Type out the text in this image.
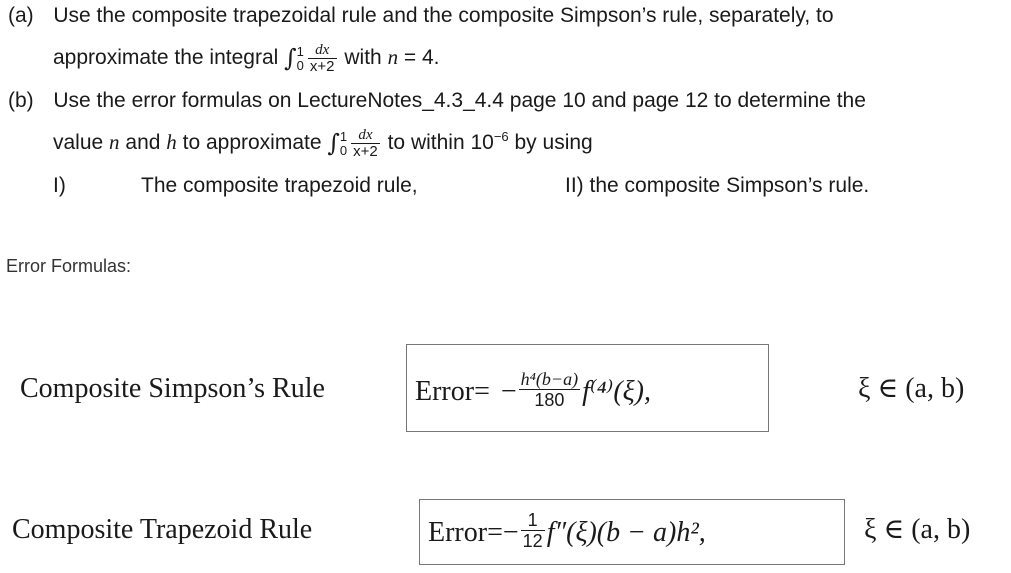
(a) Use the composite trapezoidal rule and the composite Simpson’s rule, separately, to
approximate the integral ∫ 1
$0 \frac{dx}{x+2}$ with n = 4.
(b) Use the error formulas on LectureNotes_4.3_4.4 page 10 and page 12 to determine the
value n and h to approximate ∫ 1
$0 \frac{dx}{x+2}$ to within $10^{-6}$ by using
I)	The composite trapezoid rule,	II) the composite Simpson’s rule.
Error Formulas:
Composite Simpson’s Rule	Error= − $\frac{\text{h⁴(b−a)}}{180} f^{(4)}(\xi)$,	ξ ∈ (a, b)
Composite Trapezoid Rule	Error=− $\frac{1}{12} f''(\xi)(b - a)h^2$,	ξ ∈ (a, b)
